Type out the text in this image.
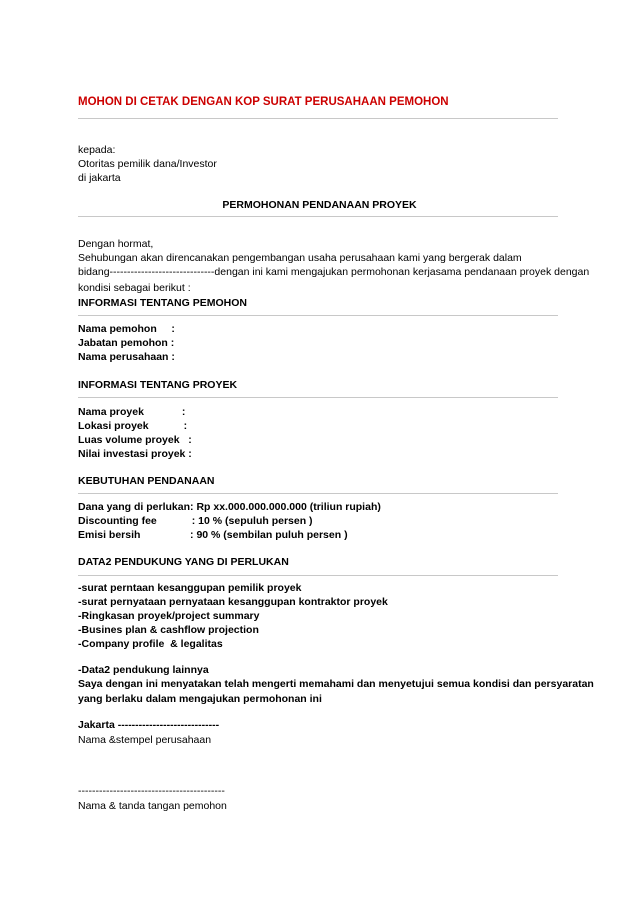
MOHON DI CETAK DENGAN KOP SURAT PERUSAHAAN PEMOHON
kepada:
Otoritas pemilik dana/Investor
di jakarta
PERMOHONAN PENDANAAN PROYEK
Dengan hormat,
Sehubungan akan direncanakan pengembangan usaha perusahaan kami yang bergerak dalam
bidang------------------------------dengan ini kami mengajukan permohonan kerjasama pendanaan proyek dengan
kondisi sebagai berikut :
INFORMASI TENTANG PEMOHON
Nama pemohon     :
Jabatan pemohon :
Nama perusahaan :
INFORMASI TENTANG PROYEK
Nama proyek             :
Lokasi proyek            :
Luas volume proyek   :
Nilai investasi proyek :
KEBUTUHAN PENDANAAN
Dana yang di perlukan: Rp xx.000.000.000.000 (triliun rupiah)
Discounting fee            : 10 % (sepuluh persen )
Emisi bersih                 : 90 % (sembilan puluh persen )
DATA2 PENDUKUNG YANG DI PERLUKAN
-surat perntaan kesanggupan pemilik proyek
-surat pernyataan pernyataan kesanggupan kontraktor proyek
-Ringkasan proyek/project summary
-Busines plan & cashflow projection
-Company profile  & legalitas
-Data2 pendukung lainnya
Saya dengan ini menyatakan telah mengerti memahami dan menyetujui semua kondisi dan persyaratan
yang berlaku dalam mengajukan permohonan ini
Jakarta -----------------------------
Nama &stempel perusahaan
------------------------------------------
Nama & tanda tangan pemohon
